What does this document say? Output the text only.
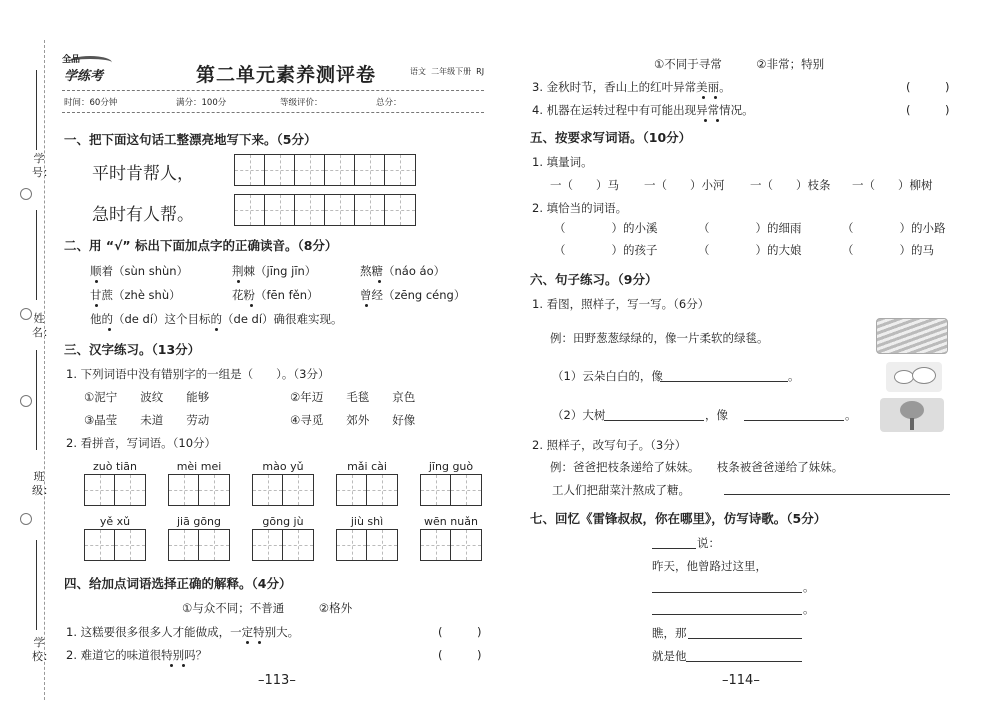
学 号：
姓 名：
班 级：
学 校：
全品
学练考	第二单元素养测评卷	语文  二年级下册  RJ
时间：60分钟	满分：100分	等级评价：	总分：
一、把下面这句话工整漂亮地写下来。（5分）
平时肯帮人，
急时有人帮。
二、用 “√” 标出下面加点字的正确读音。（8分）
顺着（sùn shùn）	荆棘（jīng jīn）	熬糖（náo áo）
甘蔗（zhè shù）	花粉（fēn fěn）	曾经（zēng céng）
他的（de dí）这个目标的（de dí）确很难实现。
三、汉字练习。（13分）
1. 下列词语中没有错别字的一组是（　　）。（3分）
①泥宁　　波纹　　能够	②年迈　　毛毯　　京色
③晶莹　　未道　　劳动	④寻觅　　郊外　　好像
2. 看拼音，写词语。（10分）
zuò tiān	mèi mei	mào yǔ	mǎi cài	jīng guò
yě xǔ	jiā gōng	gōng jù	jiù shì	wēn nuǎn
四、给加点词语选择正确的解释。（4分）
①与众不同；不普通　　　②格外
1. 这糕要很多很多人才能做成，一定特别大。	(　　　)
2. 难道它的味道很特别吗？	(　　　)
–113–
①不同于寻常　　　②非常；特别
3. 金秋时节，香山上的红叶异常美丽。	(　　　)
4. 机器在运转过程中有可能出现异常情况。	(　　　)
五、按要求写词语。（10分）
1. 填量词。
一（　　）马 一（　　）小河 一（　　）枝条 一（　　）柳树
2. 填恰当的词语。
（　　　　）的小溪	（　　　　）的细雨	（　　　　）的小路
（　　　　）的孩子	（　　　　）的大娘	（　　　　）的马
六、句子练习。（9分）
1. 看图，照样子，写一写。（6分）
例：田野葱葱绿绿的，像一片柔软的绿毯。
（1）云朵白白的，像	。
（2）大树	，像	。
2. 照样子，改写句子。（3分）
例：爸爸把枝条递给了妹妹。　　枝条被爸爸递给了妹妹。
工人们把甜菜汁熬成了糖。
七、回忆《雷锋叔叔，你在哪里》，仿写诗歌。（5分）
说：
昨天，他曾路过这里，
。
。
瞧，那
就是他
–114–
